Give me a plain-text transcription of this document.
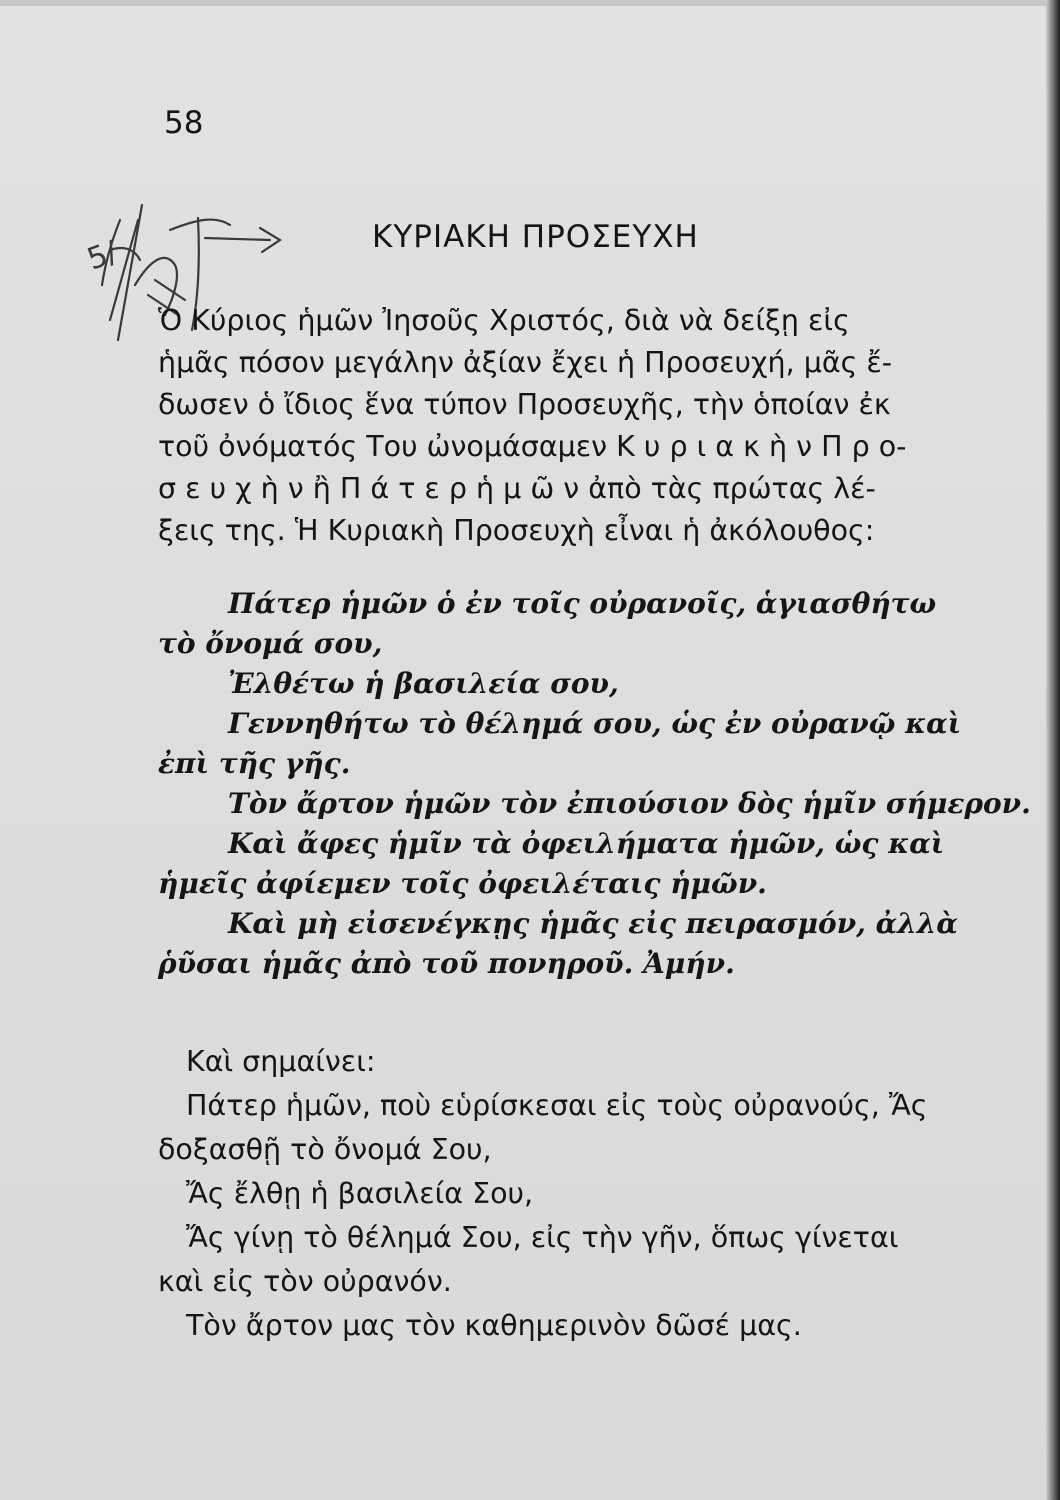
58
5/	ΚΥΡΙΑΚΗ ΠΡΟΣΕΥΧΗ
Ὁ Κύριος ἡμῶν Ἰησοῦς Χριστός, διὰ νὰ δείξῃ εἰς
ἡμᾶς πόσον μεγάλην ἀξίαν ἔχει ἡ Προσευχή, μᾶς ἔ-
δωσεν ὁ ἴδιος ἕνα τύπον Προσευχῆς, τὴν ὁποίαν ἐκ
τοῦ ὀνόματός Του ὠνομάσαμεν Κ υ ρ ι α κ ὴ ν Π ρ ο-
σ ε υ χ ὴ ν ἢ Π ά τ ε ρ ἡ μ ῶ ν ἀπὸ τὰς πρώτας λέ-
ξεις της. Ἡ Κυριακὴ Προσευχὴ εἶναι ἡ ἀκόλουθος:
Πάτερ ἡμῶν ὁ ἐν τοῖς οὐρανοῖς, ἁγιασθήτω
τὸ ὄνομά σου,
Ἐλθέτω ἡ βασιλεία σου,
Γεννηθήτω τὸ θέλημά σου, ὡς ἐν οὐρανῷ καὶ
ἐπὶ τῆς γῆς.
Τὸν ἄρτον ἡμῶν τὸν ἐπιούσιον δὸς ἡμῖν σήμερον.
Καὶ ἄφες ἡμῖν τὰ ὀφειλήματα ἡμῶν, ὡς καὶ
ἡμεῖς ἀφίεμεν τοῖς ὀφειλέταις ἡμῶν.
Καὶ μὴ εἰσενέγκῃς ἡμᾶς εἰς πειρασμόν, ἀλλὰ
ῥῦσαι ἡμᾶς ἀπὸ τοῦ πονηροῦ. Ἀμήν.
Καὶ σημαίνει:
Πάτερ ἡμῶν, ποὺ εὑρίσκεσαι εἰς τοὺς οὐρανούς, Ἄς
δοξασθῇ τὸ ὄνομά Σου,
Ἄς ἔλθῃ ἡ βασιλεία Σου,
Ἄς γίνῃ τὸ θέλημά Σου, εἰς τὴν γῆν, ὅπως γίνεται
καὶ εἰς τὸν οὐρανόν.
Τὸν ἄρτον μας τὸν καθημερινὸν δῶσέ μας.
